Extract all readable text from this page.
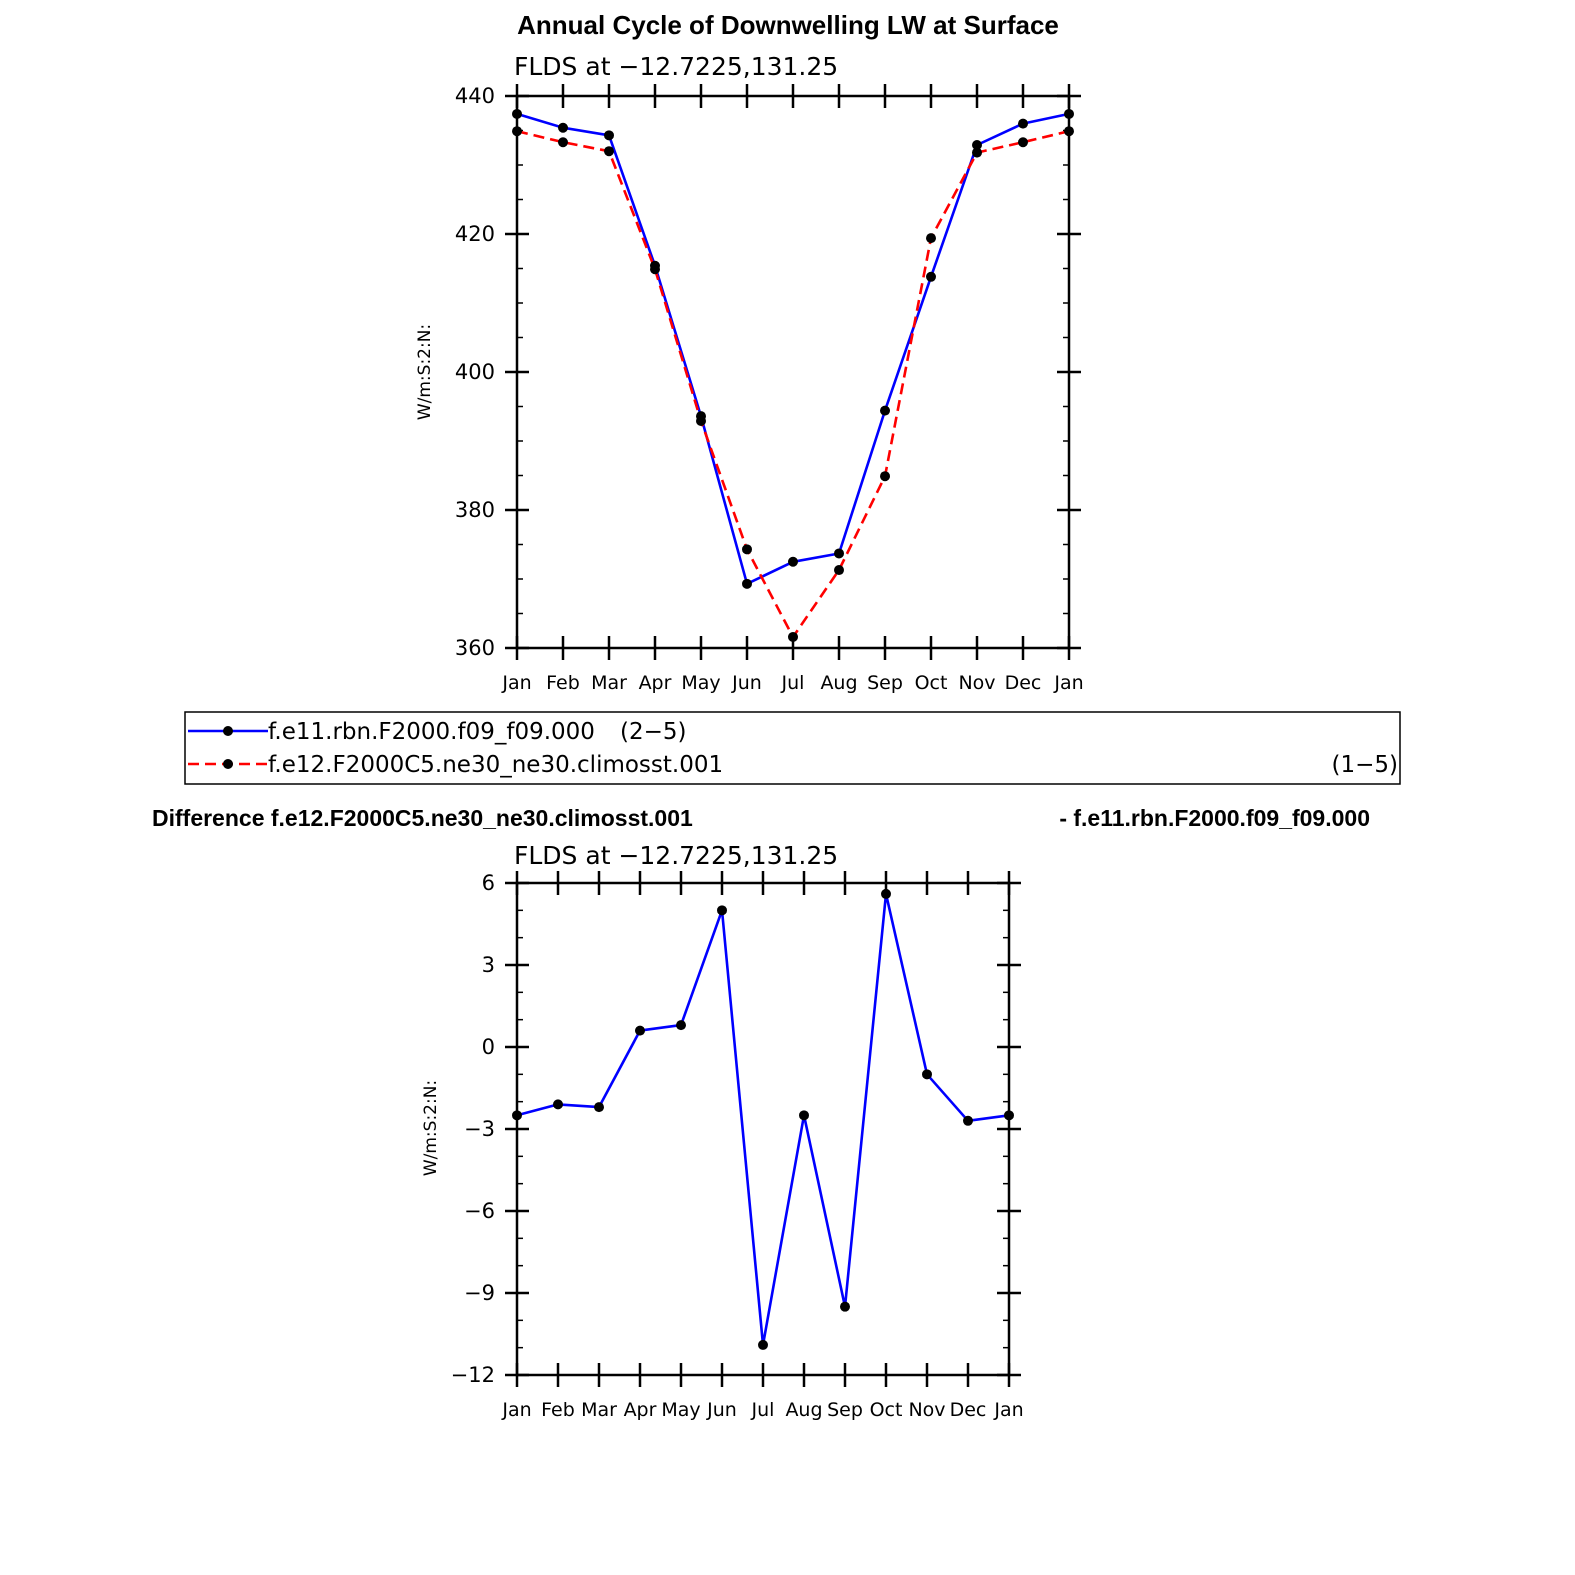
Annual Cycle of Downwelling LW at Surface
FLDS at −12.7225,131.25
W/m:S:2:N:
360
380
400
420
440
Jan Feb Mar Apr May Jun Jul Aug Sep Oct Nov Dec Jan
f.e11.rbn.F2000.f09_f09.000 (2−5)
f.e12.F2000C5.ne30_ne30.climosst.001	(1−5)
Difference f.e12.F2000C5.ne30_ne30.climosst.001	- f.e11.rbn.F2000.f09_f09.000
FLDS at −12.7225,131.25
W/m:S:2:N:
−12
−9
−6
−3
0
3
6
Jan Feb Mar Apr May Jun Jul Aug Sep Oct Nov Dec Jan
